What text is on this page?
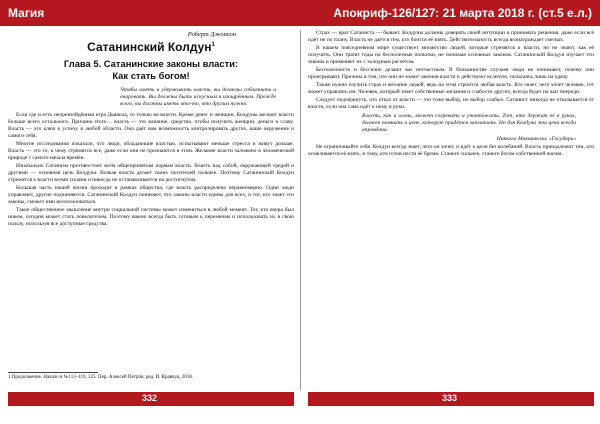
Магия	Апокриф-126/127: 21 марта 2018 г. (ст.5 е.л.)
Роберт Джонсон
Сатанинский Колдун$^1$
Глава 5. Сатанинские законы власти:
Как стать богом!

Чтобы иметь и удерживать власть, вы должны соблазнить и очаровать. Вы должны быть искусным и изощрённым. Прежде всего, вы должны иметь что-то, что другим нужно.

Если где и есть непревзойдённая игра Дьявола, то только во власти. Кроме денег и женщин, Колдуны желают власти больше всего остального. Причина этого… власть — это влияние, средство, чтобы получить женщин, деньги и славу. Власть — это ключ к успеху в любой области. Она даёт вам возможность контролировать других, ваше окружение и самого себя.

Многие исследования показали, что люди, обладающие властью, испытывают меньше стресса и живут дольше. Власть — это то, к чему стремятся все, даже если они не признаются в этом. Желание власти заложено в человеческой природе с самого начала времён.

Изначально Сатанизм противостоит всем общепринятым нормам власти. Власть над собой, окружающей средой и другими — основная цель Колдуна. Всякая власть делает своих носителей сильнее. Поэтому Сатанинский Колдун стремится к власти всеми силами и никогда не останавливается на достигнутом.

Большая часть нашей жизни проходит в рамках общества, где власть распределена неравномерно. Одни люди управляют, другие подчиняются. Сатанинский Колдун понимает, что законы власти едины для всех, и тот, кто знает эти законы, сможет ими воспользоваться.

Такое общественное мышление внутри социальной системы может измениться в любой момент. Тот, кто вчера был никем, сегодня может стать повелителем. Поэтому важно всегда быть готовым к переменам и использовать их в свою пользу, используя все доступные средства.

1 Продолжение. Начало в №113–119, 125. Пер. Алексей Петров, ред. И. Кравчук, 2018.

Страх — враг Сатаниста — бывает. Колдуны должны доверять своей интуиции и принимать решения, даже если всё идёт не по плану. Власть не даётся тем, кто боится её взять. Действительность всегда вознаграждает смелых.

В нашем повседневном мире существует множество людей, которые стремятся к власти, но не знают, как её получить. Они тратят годы на бесполезные попытки, не понимая основных законов. Сатанинский Колдун изучает эти законы и применяет их с холодным расчётом.

Бесполезность и бессилие делают вас несчастным. В большинстве случаев люди не понимают, почему они проигрывают. Причина в том, что они не знают законов власти и действуют вслепую, полагаясь лишь на удачу.

Также нужно изучить страх и желание людей, ведь на этом строится любая власть. Кто знает, чего хочет человек, тот может управлять им. Человек, который знает собственные желания и слабости других, всегда будет на шаг впереди.

Следует подчеркнуть, что отказ от власти — это тоже выбор, но выбор слабых. Сатанист никогда не отказывается от власти, если она сама идёт к нему в руки.

Власть, как и огонь, может согревать и уничтожать. Тот, кто держит её в руках, должен помнить о цене, которую придётся заплатить. Но для Колдуна эта цена всегда оправдана.

Никколо Макиавелли, «Государь»

Не ограничивайте себя. Колдун всегда знает, чего он хочет, и идёт к цели без колебаний. Власть принадлежит тем, кто осмеливается её взять, и тому, кто готов нести её бремя. Станьте сильнее, станьте богом собственной жизни.

332	333
